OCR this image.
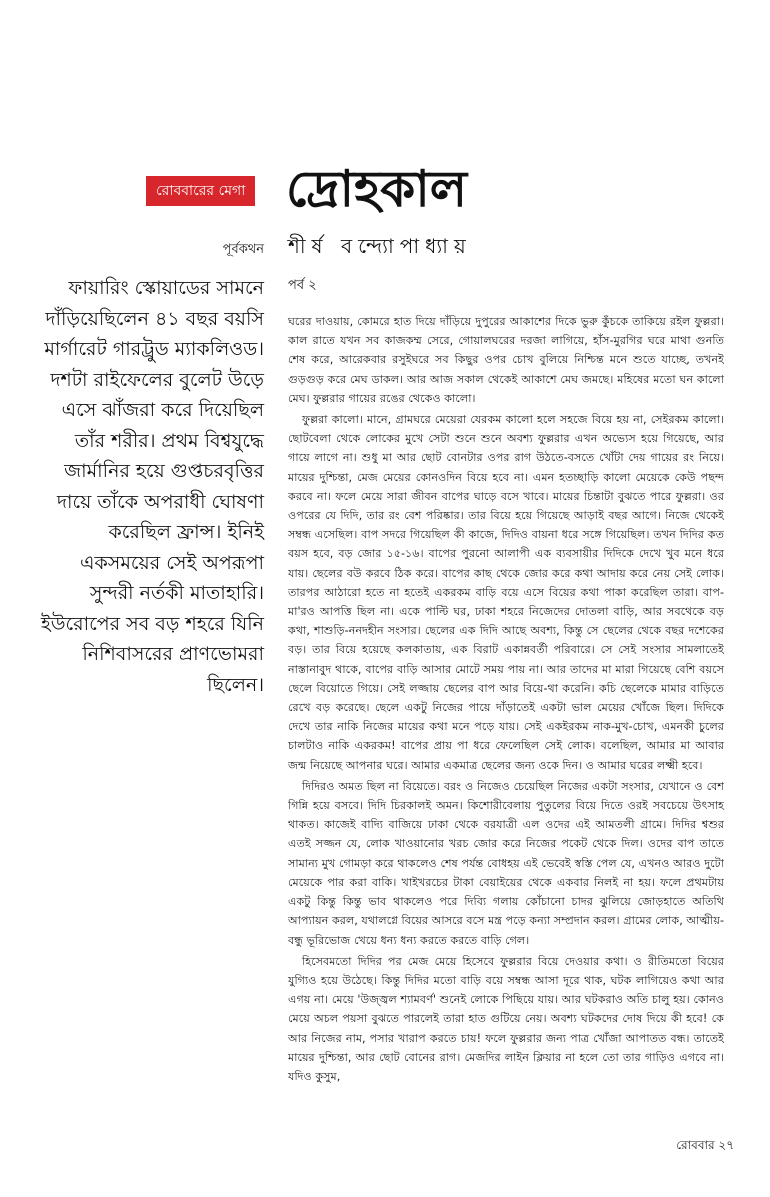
রোববারের মেগা দ্রোহকাল
শীর্ষ বন্দ্যোপাধ্যায়
পর্ব ২
পূর্বকথন
ফায়ারিং স্কোয়াডের সামনে দাঁড়িয়েছিলেন ৪১ বছর বয়সি মার্গারেট গারট্রুড ম্যাকলিওড। দশটা রাইফেলের বুলেট উড়ে এসে ঝাঁজরা করে দিয়েছিল তাঁর শরীর। প্রথম বিশ্বযুদ্ধে জার্মানির হয়ে গুপ্তচরবৃত্তির দায়ে তাঁকে অপরাধী ঘোষণা করেছিল ফ্রান্স। ইনিই একসময়ের সেই অপরূপা সুন্দরী নর্তকী মাতাহারি। ইউরোপের সব বড় শহরে যিনি নিশিবাসরের প্রাণভোমরা ছিলেন।

ঘরের দাওয়ায়, কোমরে হাত দিয়ে দাঁড়িয়ে দুপুরের আকাশের দিকে ভুরু কুঁচকে তাকিয়ে রইল ফুল্লরা। কাল রাতে যখন সব কাজকম্ম সেরে, গোয়ালঘরের দরজা লাগিয়ে, হাঁস-মুরগির ঘরে মাথা গুনতি শেষ করে, আরেকবার রসুইঘরে সব কিছুর ওপর চোখ বুলিয়ে নিশ্চিন্ত মনে শুতে যাচ্ছে, তখনই গুড়গুড় করে মেঘ ডাকল। আর আজ সকাল থেকেই আকাশে মেঘ জমছে। মহিষের মতো ঘন কালো মেঘ। ফুল্লরার গায়ের রঙের থেকেও কালো।

ফুল্লরা কালো। মানে, গ্রামঘরে মেয়েরা যেরকম কালো হলে সহজে বিয়ে হয় না, সেইরকম কালো। ছোটবেলা থেকে লোকের মুখে সেটা শুনে শুনে অবশ্য ফুল্লরার এখন অভ্যেস হয়ে গিয়েছে, আর গায়ে লাগে না। শুধু মা আর ছোট বোনটার ওপর রাগ উঠতে-বসতে খোঁটা দেয় গায়ের রং নিয়ে। মায়ের দুশ্চিন্তা, মেজ মেয়ের কোনওদিন বিয়ে হবে না। এমন হতচ্ছাড়ি কালো মেয়েকে কেউ পছন্দ করবে না। ফলে মেয়ে সারা জীবন বাপের ঘাড়ে বসে খাবে। মায়ের চিন্তাটা বুঝতে পারে ফুল্লরা। ওর ওপরের যে দিদি, তার রং বেশ পরিষ্কার। তার বিয়ে হয়ে গিয়েছে আড়াই বছর আগে। নিজে থেকেই সম্বন্ধ এসেছিল। বাপ সদরে গিয়েছিল কী কাজে, দিদিও বায়না ধরে সঙ্গে গিয়েছিল। তখন দিদির কত বয়স হবে, বড় জোর ১৫-১৬। বাপের পুরনো আলাপী এক ব্যবসায়ীর দিদিকে দেখে খুব মনে ধরে যায়। ছেলের বউ করবে ঠিক করে। বাপের কাছ থেকে জোর করে কথা আদায় করে নেয় সেই লোক। তারপর আঠারো হতে না হতেই একরকম বাড়ি বয়ে এসে বিয়ের কথা পাকা করেছিল তারা। বাপ-মা'রও আপত্তি ছিল না। একে পাল্টি ঘর, ঢাকা শহরে নিজেদের দোতলা বাড়ি, আর সবথেকে বড় কথা, শাশুড়ি-ননদহীন সংসার। ছেলের এক দিদি আছে অবশ্য, কিন্তু সে ছেলের থেকে বছর দশেকের বড়। তার বিয়ে হয়েছে কলকাতায়, এক বিরাট একান্নবর্তী পরিবারে। সে সেই সংসার সামলাতেই নাস্তানাবুদ থাকে, বাপের বাড়ি আসার মোটে সময় পায় না। আর তাদের মা মারা গিয়েছে বেশি বয়সে ছেলে বিয়োতে গিয়ে। সেই লজ্জায় ছেলের বাপ আর বিয়ে-থা করেনি। কচি ছেলেকে মামার বাড়িতে রেখে বড় করেছে। ছেলে একটু নিজের পায়ে দাঁড়াতেই একটা ভাল মেয়ের খোঁজে ছিল। দিদিকে দেখে তার নাকি নিজের মায়ের কথা মনে পড়ে যায়। সেই একইরকম নাক-মুখ-চোখ, এমনকী চুলের চালটাও নাকি একরকম! বাপের প্রায় পা ধরে ফেলেছিল সেই লোক। বলেছিল, আমার মা আবার জন্ম নিয়েছে আপনার ঘরে। আমার একমাত্র ছেলের জন্য ওকে দিন। ও আমার ঘরের লক্ষ্মী হবে।

দিদিরও অমত ছিল না বিয়েতে। বরং ও নিজেও চেয়েছিল নিজের একটা সংসার, যেখানে ও বেশ গিন্নি হয়ে বসবে। দিদি চিরকালই অমন। কিশোরীবেলায় পুতুলের বিয়ে দিতে ওরই সবচেয়ে উৎসাহ থাকত। কাজেই বাদ্যি বাজিয়ে ঢাকা থেকে বরযাত্রী এল ওদের এই আমতলী গ্রামে। দিদির শ্বশুর এতই সজ্জন যে, লোক খাওয়ানোর খরচ জোর করে নিজের পকেট থেকে দিল। ওদের বাপ তাতে সামান্য মুখ গোমড়া করে থাকলেও শেষ পর্যন্ত বোধহয় এই ভেবেই স্বস্তি পেল যে, এখনও আরও দুটো মেয়েকে পার করা বাকি। খাইখরচের টাকা বেয়াইয়ের থেকে একবার নিলই না হয়। ফলে প্রথমটায় একটু কিন্তু কিন্তু ভাব থাকলেও পরে দিব্যি গলায় কোঁচানো চাদর ঝুলিয়ে জোড়হাতে অতিথি আপ্যায়ন করল, যথালগ্নে বিয়ের আসরে বসে মন্ত্র পড়ে কন্যা সম্প্রদান করল। গ্রামের লোক, আত্মীয়-বন্ধু ভূরিভোজ খেয়ে ধন্য ধন্য করতে করতে বাড়ি গেল।

হিসেবমতো দিদির পর মেজ মেয়ে হিসেবে ফুল্লরার বিয়ে দেওয়ার কথা। ও রীতিমতো বিয়ের যুগ্যিও হয়ে উঠেছে। কিন্তু দিদির মতো বাড়ি বয়ে সম্বন্ধ আসা দূরে থাক, ঘটক লাগিয়েও কথা আর এগয় না। মেয়ে 'উজ্জ্বল শ্যামবর্ণ' শুনেই লোকে পিছিয়ে যায়। আর ঘটকরাও অতি চালু হয়। কোনও মেয়ে অচল পয়সা বুঝতে পারলেই তারা হাত গুটিয়ে নেয়। অবশ্য ঘটকদের দোষ দিয়ে কী হবে! কে আর নিজের নাম, পসার খারাপ করতে চায়! ফলে ফুল্লরার জন্য পাত্র খোঁজা আপাতত বন্ধ। তাতেই মায়ের দুশ্চিন্তা, আর ছোট বোনের রাগ। মেজদির লাইন ক্লিয়ার না হলে তো তার গাড়িও এগবে না। যদিও কুসুম,

রোববার ২৭
